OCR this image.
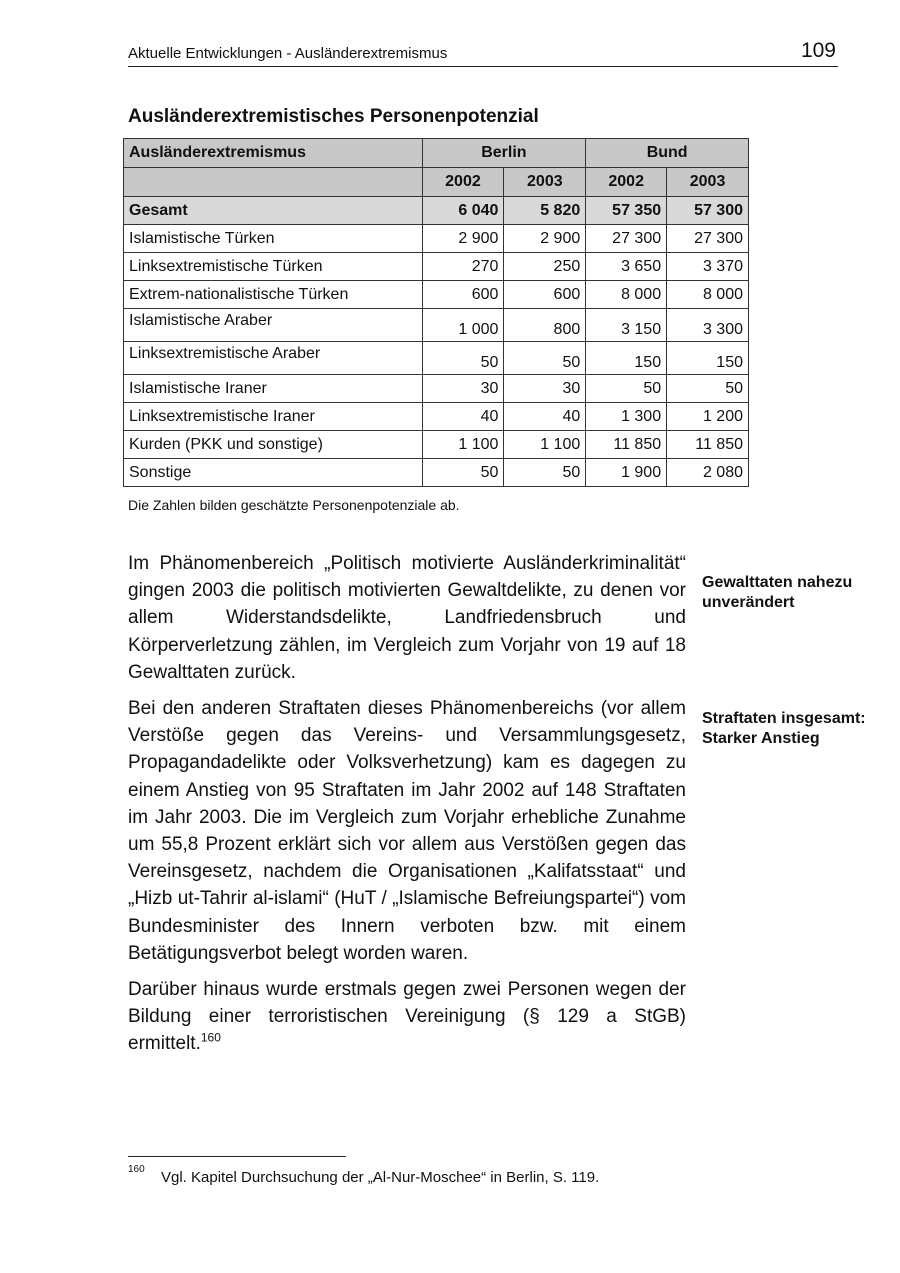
Aktuelle Entwicklungen - Ausländerextremismus	109
Ausländerextremistisches Personenpotenzial
Ausländerextremismus	Berlin		Bund	
	2002	2003	2002	2003
Gesamt	6 040	5 820	57 350	57 300
Islamistische Türken	2 900	2 900	27 300	27 300
Linksextremistische Türken	270	250	3 650	3 370
Extrem-nationalistische Türken	600	600	8 000	8 000
Islamistische Araber	1 000	800	3 150	3 300
Linksextremistische Araber	50	50	150	150
Islamistische Iraner	30	30	50	50
Linksextremistische Iraner	40	40	1 300	1 200
Kurden (PKK und sonstige)	1 100	1 100	11 850	11 850
Sonstige	50	50	1 900	2 080
Die Zahlen bilden geschätzte Personenpotenziale ab.

Im Phänomenbereich „Politisch motivierte Ausländerkriminalität“ gingen 2003 die politisch motivierten Gewaltdelikte, zu denen vor allem Widerstandsdelikte, Landfriedensbruch und Körperverletzung zählen, im Vergleich zum Vorjahr von 19 auf 18 Gewalttaten zurück.

Bei den anderen Straftaten dieses Phänomenbereichs (vor allem Verstöße gegen das Vereins- und Versammlungsgesetz, Propagandadelikte oder Volksverhetzung) kam es dagegen zu einem Anstieg von 95 Straftaten im Jahr 2002 auf 148 Straftaten im Jahr 2003. Die im Vergleich zum Vorjahr erhebliche Zunahme um 55,8 Prozent erklärt sich vor allem aus Verstößen gegen das Vereinsgesetz, nachdem die Organisationen „Kalifatsstaat“ und „Hizb ut-Tahrir al-islami“ (HuT / „Islamische Befreiungspartei“) vom Bundesminister des Innern verboten bzw. mit einem Betätigungsverbot belegt worden waren.

Darüber hinaus wurde erstmals gegen zwei Personen wegen der Bildung einer terroristischen Vereinigung (§ 129 a StGB) ermittelt.$^{160}$

Gewalttaten nahezu unverändert
Straftaten insgesamt: Starker Anstieg
160 Vgl. Kapitel Durchsuchung der „Al-Nur-Moschee“ in Berlin, S. 119.
